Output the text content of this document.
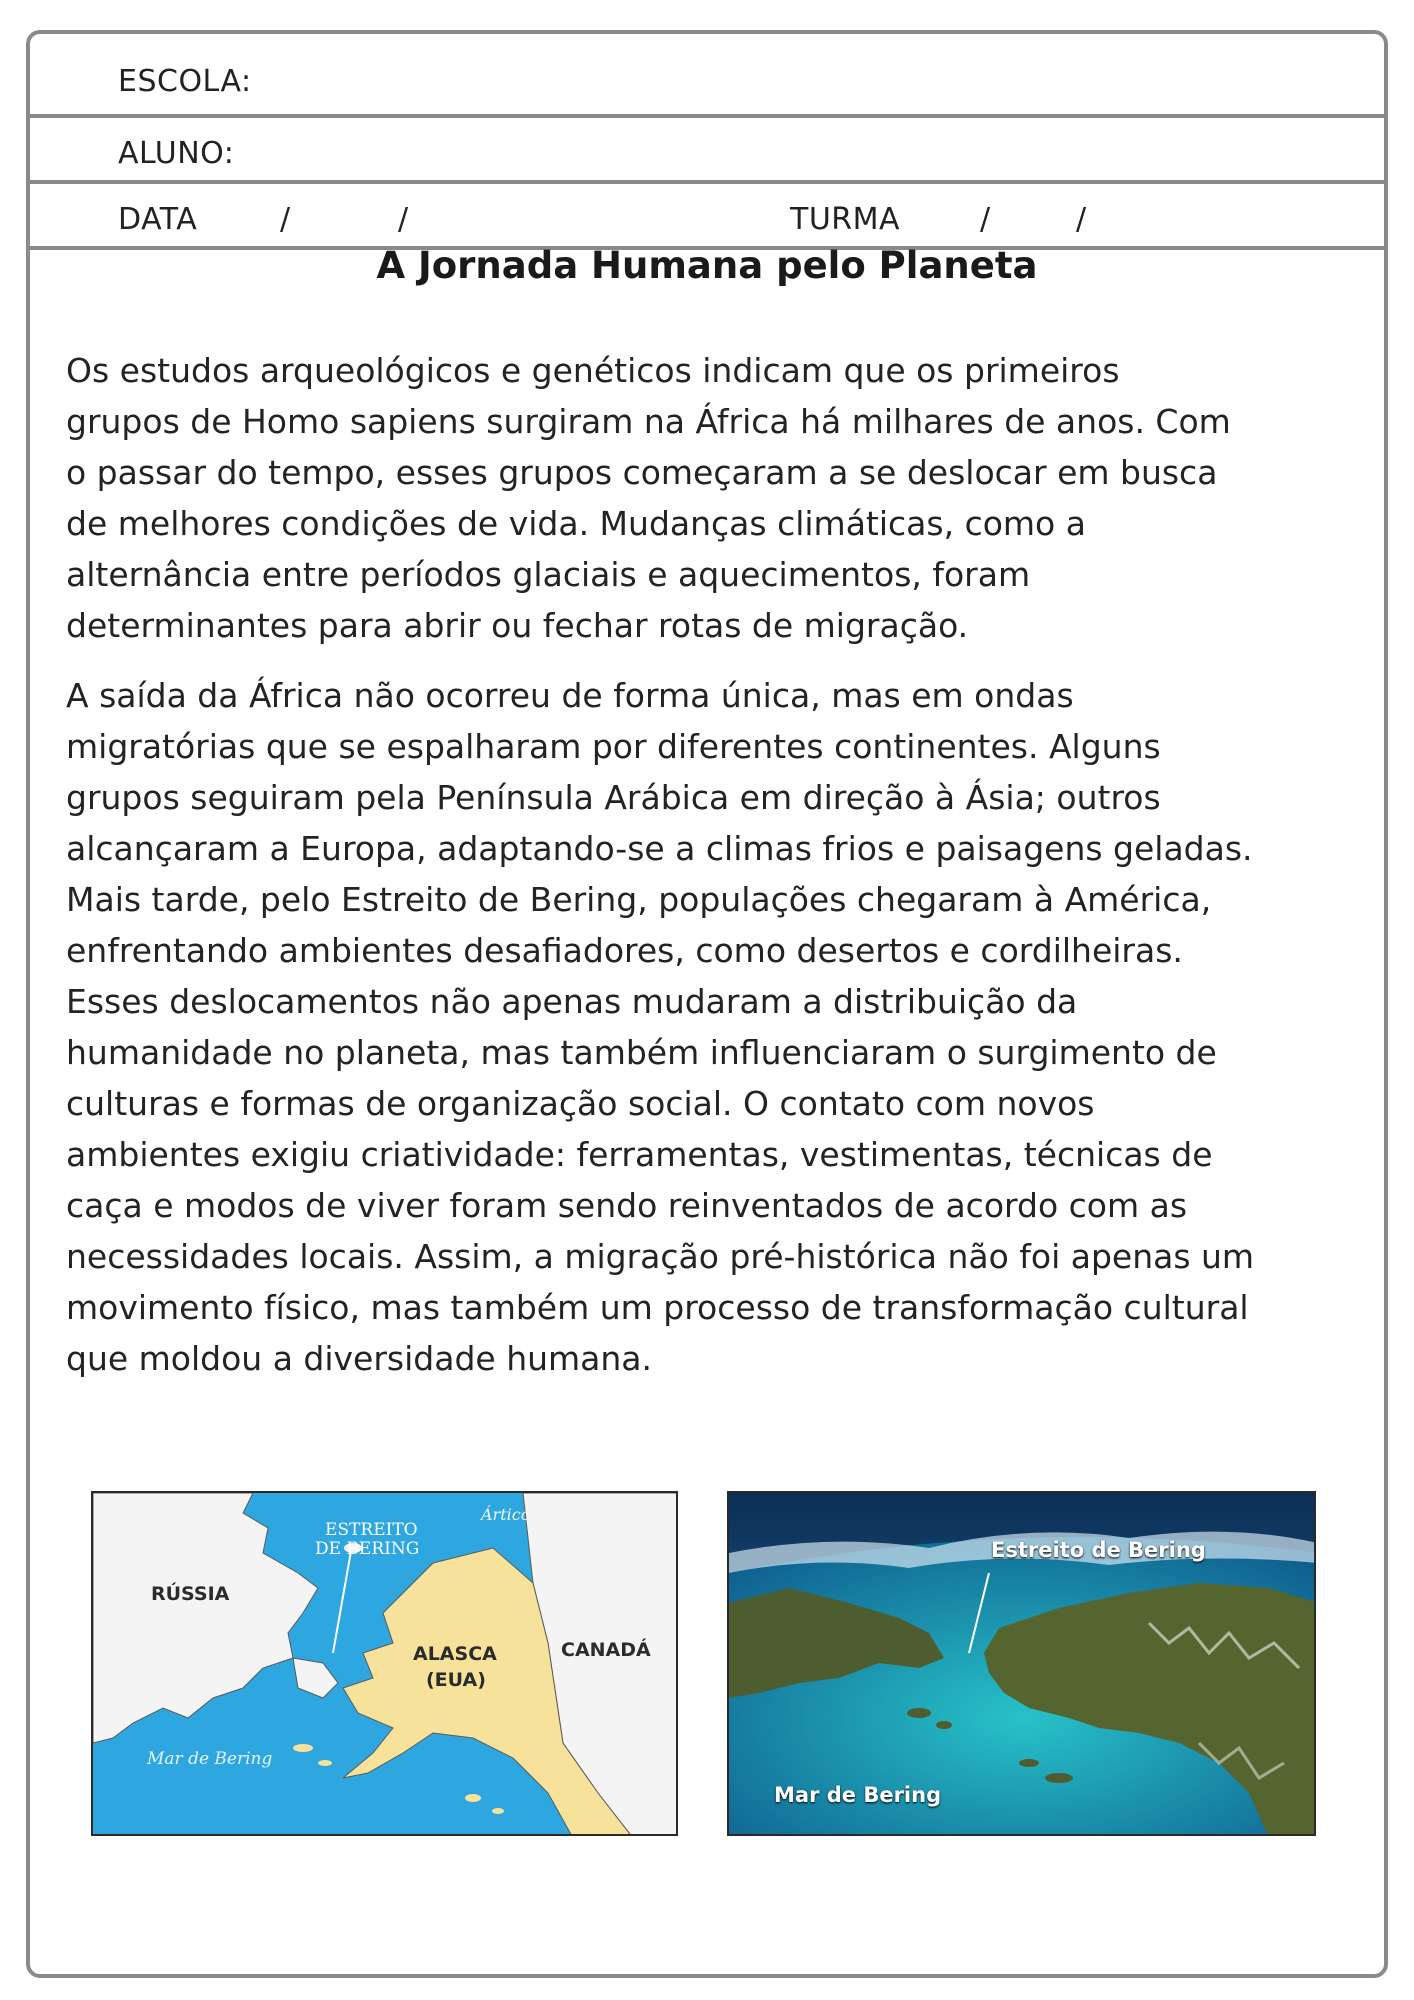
ESCOLA:
ALUNO:
DATA	/	/	TURMA	/	/
A Jornada Humana pelo Planeta
Os estudos arqueológicos e genéticos indicam que os primeiros
grupos de Homo sapiens surgiram na África há milhares de anos. Com
o passar do tempo, esses grupos começaram a se deslocar em busca
de melhores condições de vida. Mudanças climáticas, como a
alternância entre períodos glaciais e aquecimentos, foram
determinantes para abrir ou fechar rotas de migração.
A saída da África não ocorreu de forma única, mas em ondas
migratórias que se espalharam por diferentes continentes. Alguns
grupos seguiram pela Península Arábica em direção à Ásia; outros
alcançaram a Europa, adaptando-se a climas frios e paisagens geladas.
Mais tarde, pelo Estreito de Bering, populações chegaram à América,
enfrentando ambientes desafiadores, como desertos e cordilheiras.
Esses deslocamentos não apenas mudaram a distribuição da
humanidade no planeta, mas também influenciaram o surgimento de
culturas e formas de organização social. O contato com novos
ambientes exigiu criatividade: ferramentas, vestimentas, técnicas de
caça e modos de viver foram sendo reinventados de acordo com as
necessidades locais. Assim, a migração pré-histórica não foi apenas um
movimento físico, mas também um processo de transformação cultural
que moldou a diversidade humana.
Ártico
ESTREITO
DE BERING
RÚSSIA
ALASCA
(EUA)
CANADÁ
Mar de Bering
Estreito de Bering
Mar de Bering
